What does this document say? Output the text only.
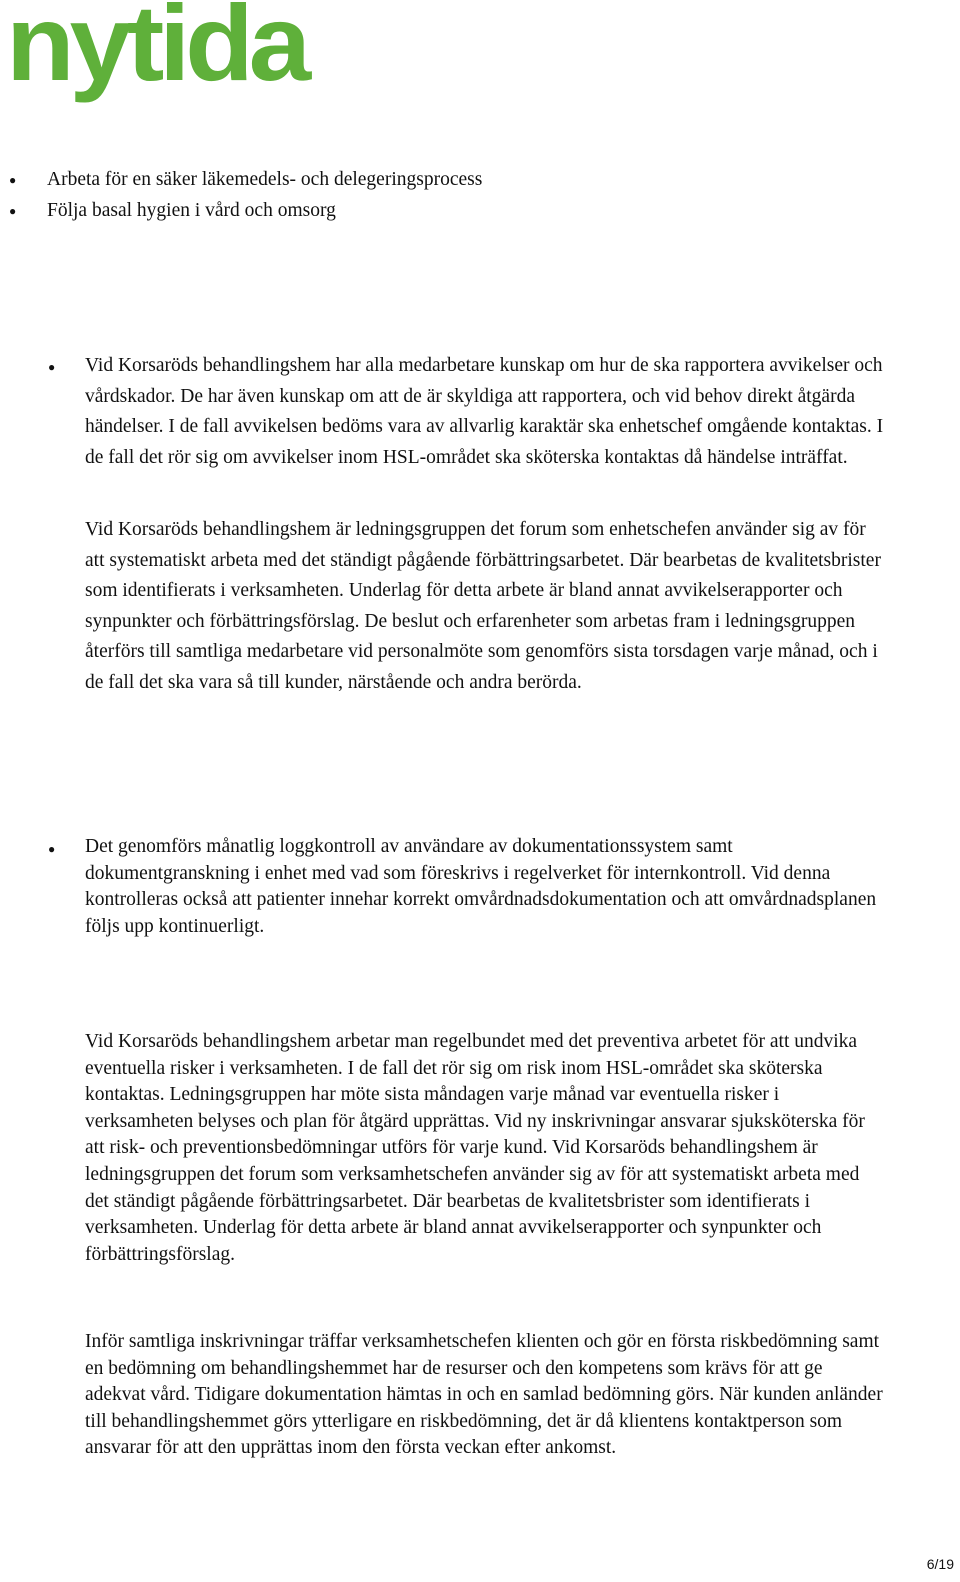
nytida
● Arbeta för en säker läkemedels- och delegeringsprocess

● Följa basal hygien i vård och omsorg

● Vid Korsaröds behandlingshem har alla medarbetare kunskap om hur de ska rapportera avvikelser och vårdskador. De har även kunskap om att de är skyldiga att rapportera, och vid behov direkt åtgärda händelser. I de fall avvikelsen bedöms vara av allvarlig karaktär ska enhetschef omgående kontaktas. I de fall det rör sig om avvikelser inom HSL-området ska sköterska kontaktas då händelse inträffat.

Vid Korsaröds behandlingshem är ledningsgruppen det forum som enhetschefen använder sig av för att systematiskt arbeta med det ständigt pågående förbättringsarbetet. Där bearbetas de kvalitetsbrister som identifierats i verksamheten. Underlag för detta arbete är bland annat avvikelserapporter och synpunkter och förbättringsförslag. De beslut och erfarenheter som arbetas fram i ledningsgruppen återförs till samtliga medarbetare vid personalmöte som genomförs sista torsdagen varje månad, och i de fall det ska vara så till kunder, närstående och andra berörda.

● Det genomförs månatlig loggkontroll av användare av dokumentationssystem samt dokumentgranskning i enhet med vad som föreskrivs i regelverket för internkontroll. Vid denna kontrolleras också att patienter innehar korrekt omvårdnadsdokumentation och att omvårdnadsplanen följs upp kontinuerligt.

Vid Korsaröds behandlingshem arbetar man regelbundet med det preventiva arbetet för att undvika eventuella risker i verksamheten. I de fall det rör sig om risk inom HSL-området ska sköterska kontaktas. Ledningsgruppen har möte sista måndagen varje månad var eventuella risker i verksamheten belyses och plan för åtgärd upprättas. Vid ny inskrivningar ansvarar sjuksköterska för att risk- och preventionsbedömningar utförs för varje kund. Vid Korsaröds behandlingshem är ledningsgruppen det forum som verksamhetschefen använder sig av för att systematiskt arbeta med det ständigt pågående förbättringsarbetet. Där bearbetas de kvalitetsbrister som identifierats i verksamheten. Underlag för detta arbete är bland annat avvikelserapporter och synpunkter och förbättringsförslag.

Inför samtliga inskrivningar träffar verksamhetschefen klienten och gör en första riskbedömning samt en bedömning om behandlingshemmet har de resurser och den kompetens som krävs för att ge adekvat vård. Tidigare dokumentation hämtas in och en samlad bedömning görs. När kunden anländer till behandlingshemmet görs ytterligare en riskbedömning, det är då klientens kontaktperson som ansvarar för att den upprättas inom den första veckan efter ankomst.

6/19
